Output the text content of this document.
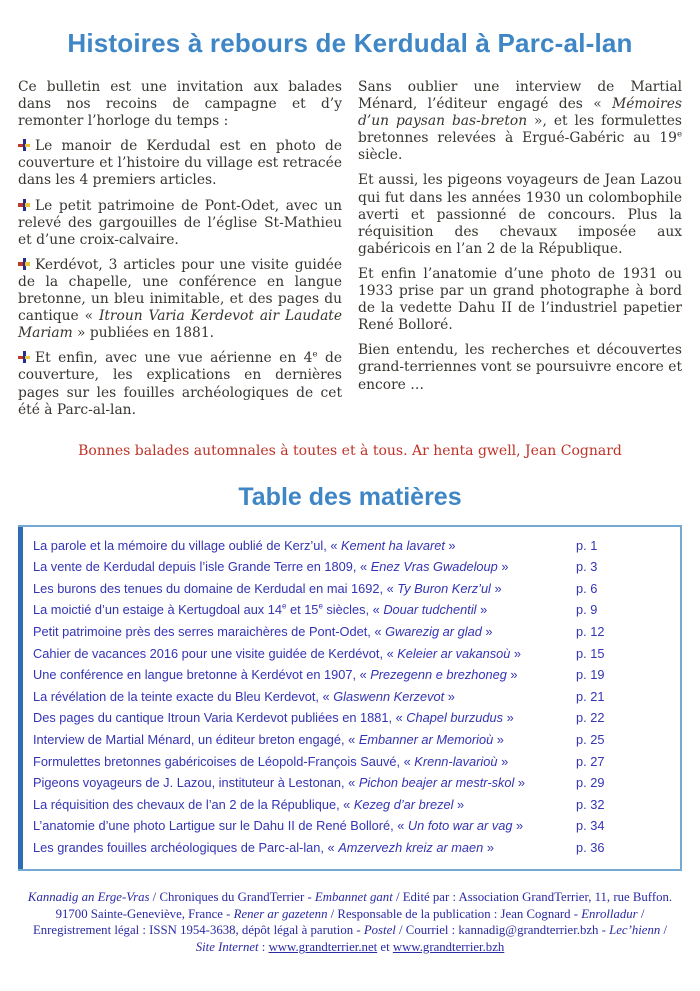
Histoires à rebours de Kerdudal à Parc-al-lan

Ce bulletin est une invitation aux balades dans nos recoins de campagne et d’y remonter l’horloge du temps :

Le manoir de Kerdudal est en photo de couverture et l’histoire du village est retracée dans les 4 premiers articles.

Le petit patrimoine de Pont-Odet, avec un relevé des gargouilles de l’église St-Mathieu et d’une croix-calvaire.

Kerdévot, 3 articles pour une visite guidée de la chapelle, une conférence en langue bretonne, un bleu inimitable, et des pages du cantique « Itroun Varia Kerdevot air Laudate Mariam » publiées en 1881.

Et enfin, avec une vue aérienne en 4e de couverture, les explications en dernières pages sur les fouilles archéologiques de cet été à Parc-al-lan.

Sans oublier une interview de Martial Ménard, l’éditeur engagé des « Mémoires d’un paysan bas-breton », et les formulettes bretonnes relevées à Ergué-Gabéric au 19e siècle.

Et aussi, les pigeons voyageurs de Jean Lazou qui fut dans les années 1930 un colombophile averti et passionné de concours. Plus la réquisition des chevaux imposée aux gabéricois en l’an 2 de la République.

Et enfin l’anatomie d’une photo de 1931 ou 1933 prise par un grand photographe à bord de la vedette Dahu II de l’industriel papetier René Bolloré.

Bien entendu, les recherches et découvertes grand-terriennes vont se poursuivre encore et encore …

Bonnes balades automnales à toutes et à tous. Ar henta gwell, Jean Cognard

Table des matières
La parole et la mémoire du village oublié de Kerz’ul, « Kement ha lavaret »	p. 1
La vente de Kerdudal depuis l’isle Grande Terre en 1809, « Enez Vras Gwadeloup »	p. 3
Les burons des tenues du domaine de Kerdudal en mai 1692, « Ty Buron Kerz’ul »	p. 6
La moictié d’un estaige à Kertugdoal aux 14e et 15e siècles, « Douar tudchentil »	p. 9
Petit patrimoine près des serres maraichères de Pont-Odet, « Gwarezig ar glad »	p. 12
Cahier de vacances 2016 pour une visite guidée de Kerdévot, « Keleier ar vakansoù »	p. 15
Une conférence en langue bretonne à Kerdévot en 1907, « Prezegenn e brezhoneg »	p. 19
La révélation de la teinte exacte du Bleu Kerdevot, « Glaswenn Kerzevot »	p. 21
Des pages du cantique Itroun Varia Kerdevot publiées en 1881, « Chapel burzudus »	p. 22
Interview de Martial Ménard, un éditeur breton engagé, « Embanner ar Memorioù »	p. 25
Formulettes bretonnes gabéricoises de Léopold-François Sauvé, « Krenn-lavarioù »	p. 27
Pigeons voyageurs de J. Lazou, instituteur à Lestonan, « Pichon beajer ar mestr-skol »	p. 29
La réquisition des chevaux de l’an 2 de la République, « Kezeg d’ar brezel »	p. 32
L’anatomie d’une photo Lartigue sur le Dahu II de René Bolloré, « Un foto war ar vag »	p. 34
Les grandes fouilles archéologiques de Parc-al-lan, « Amzervezh kreiz ar maen »	p. 36

Kannadig an Erge-Vras / Chroniques du GrandTerrier - Embannet gant / Edité par : Association GrandTerrier, 11, rue Buffon. 91700 Sainte-Geneviève, France - Rener ar gazetenn / Responsable de la publication : Jean Cognard - Enrolladur / Enregistrement légal : ISSN 1954-3638, dépôt légal à parution - Postel / Courriel : kannadig@grandterrier.bzh - Lec’hienn / Site Internet : www.grandterrier.net et www.grandterrier.bzh
